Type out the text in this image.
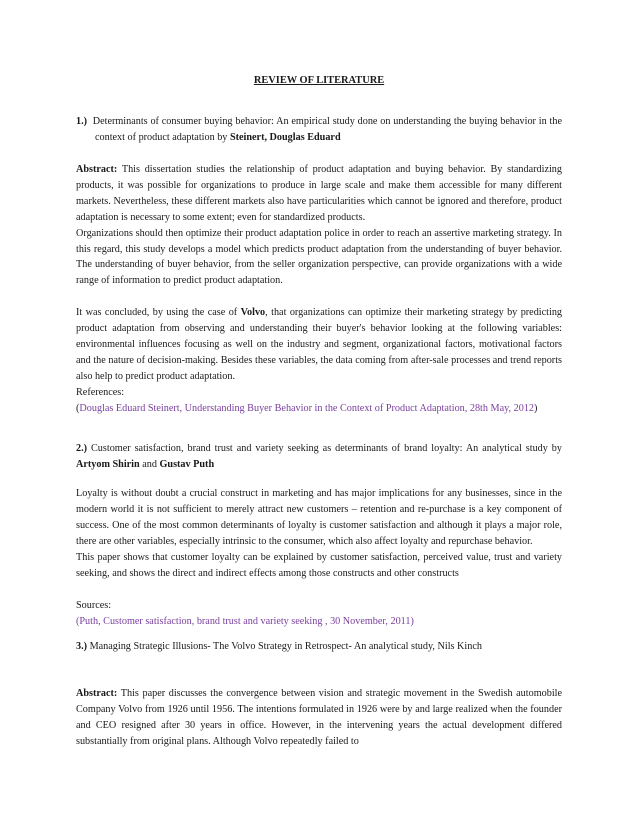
REVIEW OF LITERATURE
1.) Determinants of consumer buying behavior: An empirical study done on understanding the buying behavior in the context of product adaptation by Steinert, Douglas Eduard

Abstract: This dissertation studies the relationship of product adaptation and buying behavior. By standardizing products, it was possible for organizations to produce in large scale and make them accessible for many different markets. Nevertheless, these different markets also have particularities which cannot be ignored and therefore, product adaptation is necessary to some extent; even for standardized products.

Organizations should then optimize their product adaptation police in order to reach an assertive marketing strategy. In this regard, this study develops a model which predicts product adaptation from the understanding of buyer behavior. The understanding of buyer behavior, from the seller organization perspective, can provide organizations with a wide range of information to predict product adaptation.

It was concluded, by using the case of Volvo, that organizations can optimize their marketing strategy by predicting product adaptation from observing and understanding their buyer's behavior looking at the following variables: environmental influences focusing as well on the industry and segment, organizational factors, motivational factors and the nature of decision-making. Besides these variables, the data coming from after-sale processes and trend reports also help to predict product adaptation.

References:

(Douglas Eduard Steinert, Understanding Buyer Behavior in the Context of Product Adaptation, 28th May, 2012)

2.) Customer satisfaction, brand trust and variety seeking as determinants of brand loyalty: An analytical study by Artyom Shirin and Gustav Puth

Loyalty is without doubt a crucial construct in marketing and has major implications for any businesses, since in the modern world it is not sufficient to merely attract new customers – retention and re-purchase is a key component of success. One of the most common determinants of loyalty is customer satisfaction and although it plays a major role, there are other variables, especially intrinsic to the consumer, which also affect loyalty and repurchase behavior.

This paper shows that customer loyalty can be explained by customer satisfaction, perceived value, trust and variety seeking, and shows the direct and indirect effects among those constructs and other constructs

Sources:

(Puth, Customer satisfaction, brand trust and variety seeking , 30 November, 2011)

3.) Managing Strategic Illusions- The Volvo Strategy in Retrospect- An analytical study, Nils Kinch

Abstract: This paper discusses the convergence between vision and strategic movement in the Swedish automobile Company Volvo from 1926 until 1956. The intentions formulated in 1926 were by and large realized when the founder and CEO resigned after 30 years in office. However, in the intervening years the actual development differed substantially from original plans. Although Volvo repeatedly failed to
